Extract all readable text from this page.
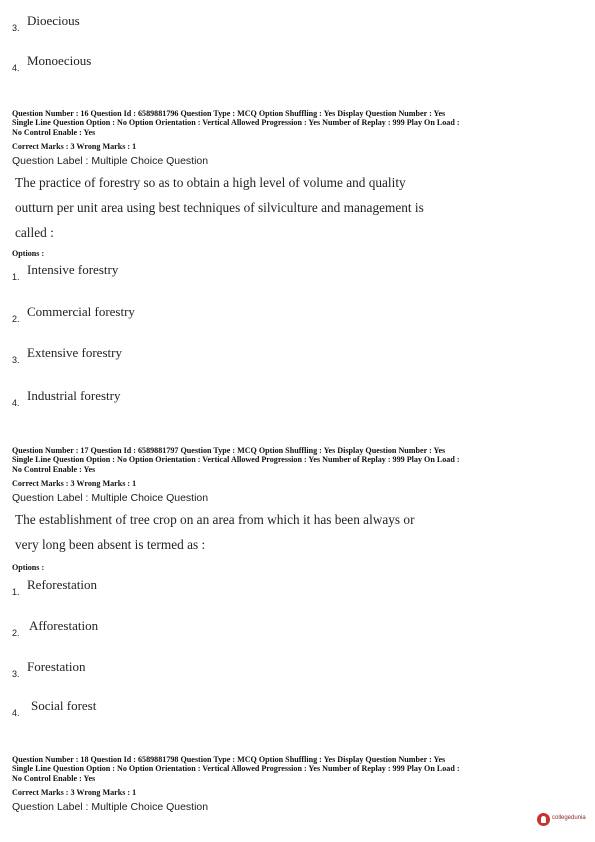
3. Dioecious
4. Monoecious
Question Number : 16 Question Id : 6589881796 Question Type : MCQ Option Shuffling : Yes Display Question Number : Yes
Single Line Question Option : No Option Orientation : Vertical Allowed Progression : Yes Number of Replay : 999 Play On Load :
No Control Enable : Yes
Correct Marks : 3 Wrong Marks : 1
Question Label : Multiple Choice Question
The practice of forestry so as to obtain a high level of volume and quality
outturn per unit area using best techniques of silviculture and management is
called :
Options :
1. Intensive forestry
2. Commercial forestry
3. Extensive forestry
4. Industrial forestry
Question Number : 17 Question Id : 6589881797 Question Type : MCQ Option Shuffling : Yes Display Question Number : Yes
Single Line Question Option : No Option Orientation : Vertical Allowed Progression : Yes Number of Replay : 999 Play On Load :
No Control Enable : Yes
Correct Marks : 3 Wrong Marks : 1
Question Label : Multiple Choice Question
The establishment of tree crop on an area from which it has been always or
very long been absent is termed as :
Options :
1. Reforestation
2. Afforestation
3. Forestation
4. Social forest
Question Number : 18 Question Id : 6589881798 Question Type : MCQ Option Shuffling : Yes Display Question Number : Yes
Single Line Question Option : No Option Orientation : Vertical Allowed Progression : Yes Number of Replay : 999 Play On Load :
No Control Enable : Yes
Correct Marks : 3 Wrong Marks : 1
Question Label : Multiple Choice Question
collegedunia
